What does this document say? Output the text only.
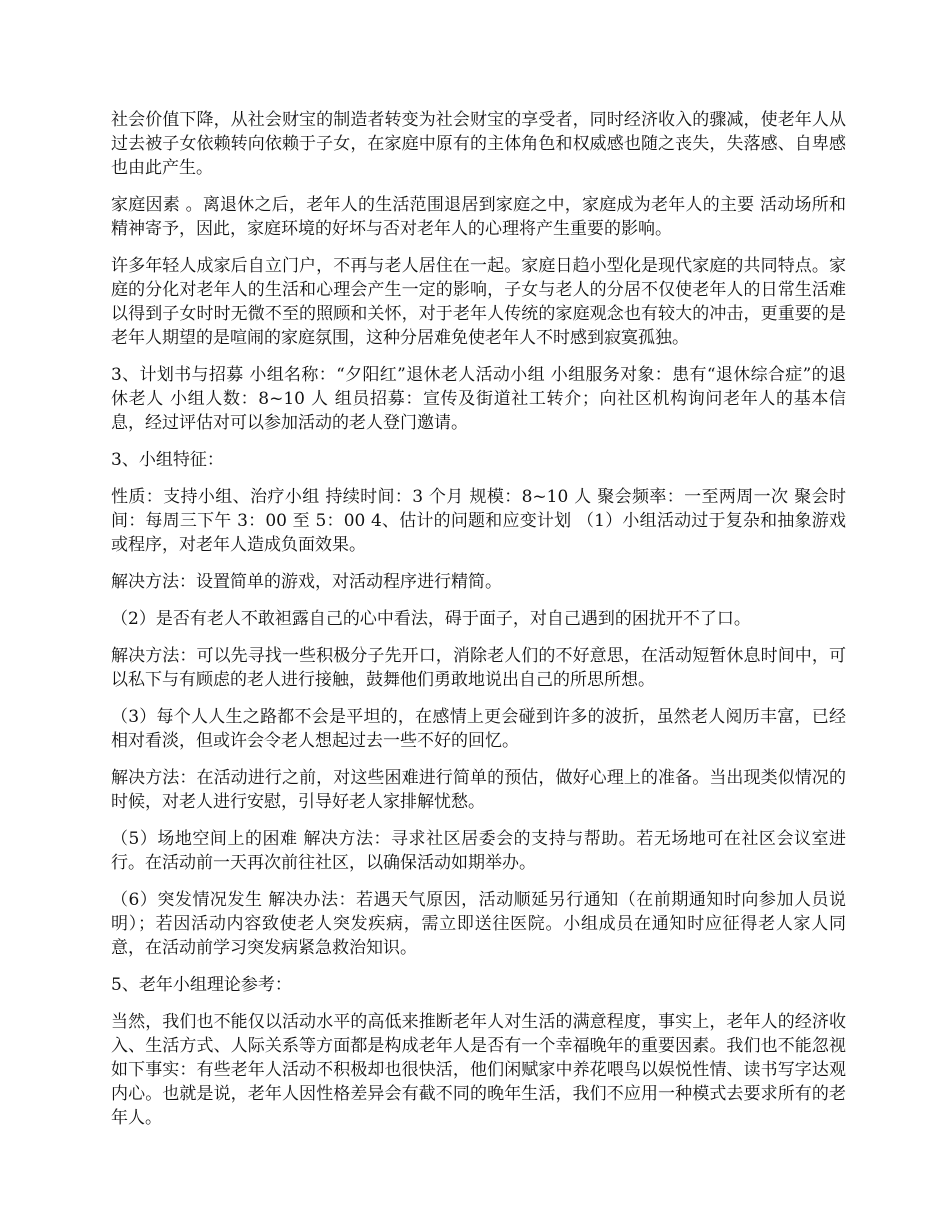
社会价值下降，从社会财宝的制造者转变为社会财宝的享受者，同时经济收入的骤减，使老年人从过去被子女依赖转向依赖于子女，在家庭中原有的主体角色和权威感也随之丧失，失落感、自卑感也由此产生。

家庭因素 。离退休之后，老年人的生活范围退居到家庭之中，家庭成为老年人的主要 活动场所和精神寄予，因此，家庭环境的好坏与否对老年人的心理将产生重要的影响。

许多年轻人成家后自立门户，不再与老人居住在一起。家庭日趋小型化是现代家庭的共同特点。家庭的分化对老年人的生活和心理会产生一定的影响，子女与老人的分居不仅使老年人的日常生活难以得到子女时时无微不至的照顾和关怀，对于老年人传统的家庭观念也有较大的冲击，更重要的是老年人期望的是喧闹的家庭氛围，这种分居难免使老年人不时感到寂寞孤独。

3、计划书与招募 小组名称：“夕阳红”退休老人活动小组 小组服务对象：患有“退休综合症”的退休老人 小组人数：8~10 人 组员招募：宣传及街道社工转介；向社区机构询问老年人的基本信息，经过评估对可以参加活动的老人登门邀请。

3、小组特征：

性质：支持小组、治疗小组 持续时间：3 个月 规模：8~10 人 聚会频率：一至两周一次 聚会时间：每周三下午 3：00 至 5：00 4、估计的问题和应变计划 （1）小组活动过于复杂和抽象游戏或程序，对老年人造成负面效果。

解决方法：设置简单的游戏，对活动程序进行精简。

（2）是否有老人不敢袒露自己的心中看法，碍于面子，对自己遇到的困扰开不了口。

解决方法：可以先寻找一些积极分子先开口，消除老人们的不好意思，在活动短暂休息时间中，可以私下与有顾虑的老人进行接触，鼓舞他们勇敢地说出自己的所思所想。

（3）每个人人生之路都不会是平坦的，在感情上更会碰到许多的波折，虽然老人阅历丰富，已经相对看淡，但或许会令老人想起过去一些不好的回忆。

解决方法：在活动进行之前，对这些困难进行简单的预估，做好心理上的准备。当出现类似情况的时候，对老人进行安慰，引导好老人家排解忧愁。

（5）场地空间上的困难 解决方法：寻求社区居委会的支持与帮助。若无场地可在社区会议室进行。在活动前一天再次前往社区，以确保活动如期举办。

（6）突发情况发生 解决办法：若遇天气原因，活动顺延另行通知（在前期通知时向参加人员说明）；若因活动内容致使老人突发疾病，需立即送往医院。小组成员在通知时应征得老人家人同意，在活动前学习突发病紧急救治知识。

5、老年小组理论参考：

当然，我们也不能仅以活动水平的高低来推断老年人对生活的满意程度，事实上，老年人的经济收入、生活方式、人际关系等方面都是构成老年人是否有一个幸福晚年的重要因素。我们也不能忽视如下事实：有些老年人活动不积极却也很快活，他们闲赋家中养花喂鸟以娱悦性情、读书写字达观内心。也就是说，老年人因性格差异会有截不同的晚年生活，我们不应用一种模式去要求所有的老年人。
